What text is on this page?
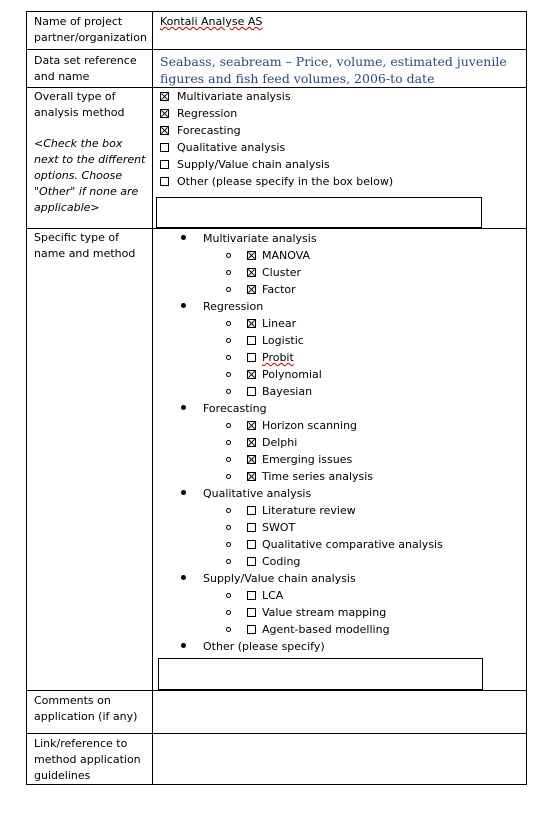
Name of project partner/organization
Kontali Analyse AS
Data set reference and name
Seabass, seabream – Price, volume, estimated juvenile figures and fish feed volumes, 2006-to date
Overall type of analysis method
<Check the box next to the different options. Choose "Other" if none are applicable>
Multivariate analysis
Regression
Forecasting
Qualitative analysis
Supply/Value chain analysis
Other (please specify in the box below)
Specific type of name and method
Multivariate analysis
MANOVA
Cluster
Factor
Regression
Linear
Logistic
Probit
Polynomial
Bayesian
Forecasting
Horizon scanning
Delphi
Emerging issues
Time series analysis
Qualitative analysis
Literature review
SWOT
Qualitative comparative analysis
Coding
Supply/Value chain analysis
LCA
Value stream mapping
Agent-based modelling
Other (please specify)
Comments on application (if any)
Link/reference to method application guidelines
